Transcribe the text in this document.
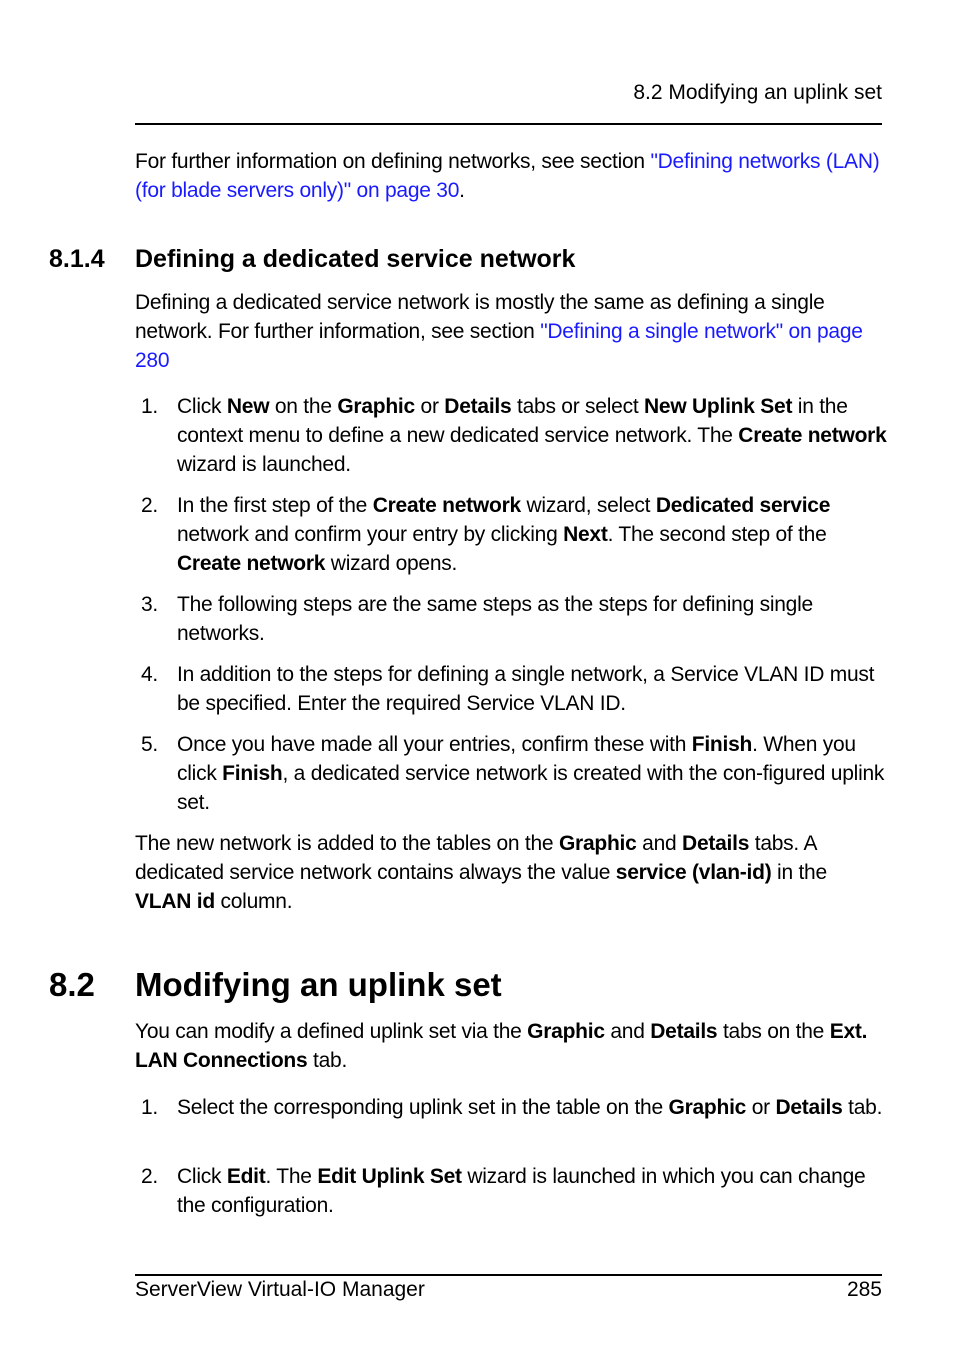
8.2 Modifying an uplink set

For further information on defining networks, see section "Defining networks (LAN) (for blade servers only)" on page 30.

8.1.4 Defining a dedicated service network

Defining a dedicated service network is mostly the same as defining a single network. For further information, see section "Defining a single network" on page 280

1. Click New on the Graphic or Details tabs or select New Uplink Set in the context menu to define a new dedicated service network. The Create network wizard is launched.
2. In the first step of the Create network wizard, select Dedicated service network and confirm your entry by clicking Next. The second step of the Create network wizard opens.
3. The following steps are the same steps as the steps for defining single networks.
4. In addition to the steps for defining a single network, a Service VLAN ID must be specified. Enter the required Service VLAN ID.
5. Once you have made all your entries, confirm these with Finish. When you click Finish, a dedicated service network is created with the con-figured uplink set.

The new network is added to the tables on the Graphic and Details tabs. A dedicated service network contains always the value service (vlan-id) in the VLAN id column.

8.2 Modifying an uplink set

You can modify a defined uplink set via the Graphic and Details tabs on the Ext. LAN Connections tab.

1. Select the corresponding uplink set in the table on the Graphic or Details tab.
2. Click Edit. The Edit Uplink Set wizard is launched in which you can change the configuration.
ServerView Virtual-IO Manager	285
